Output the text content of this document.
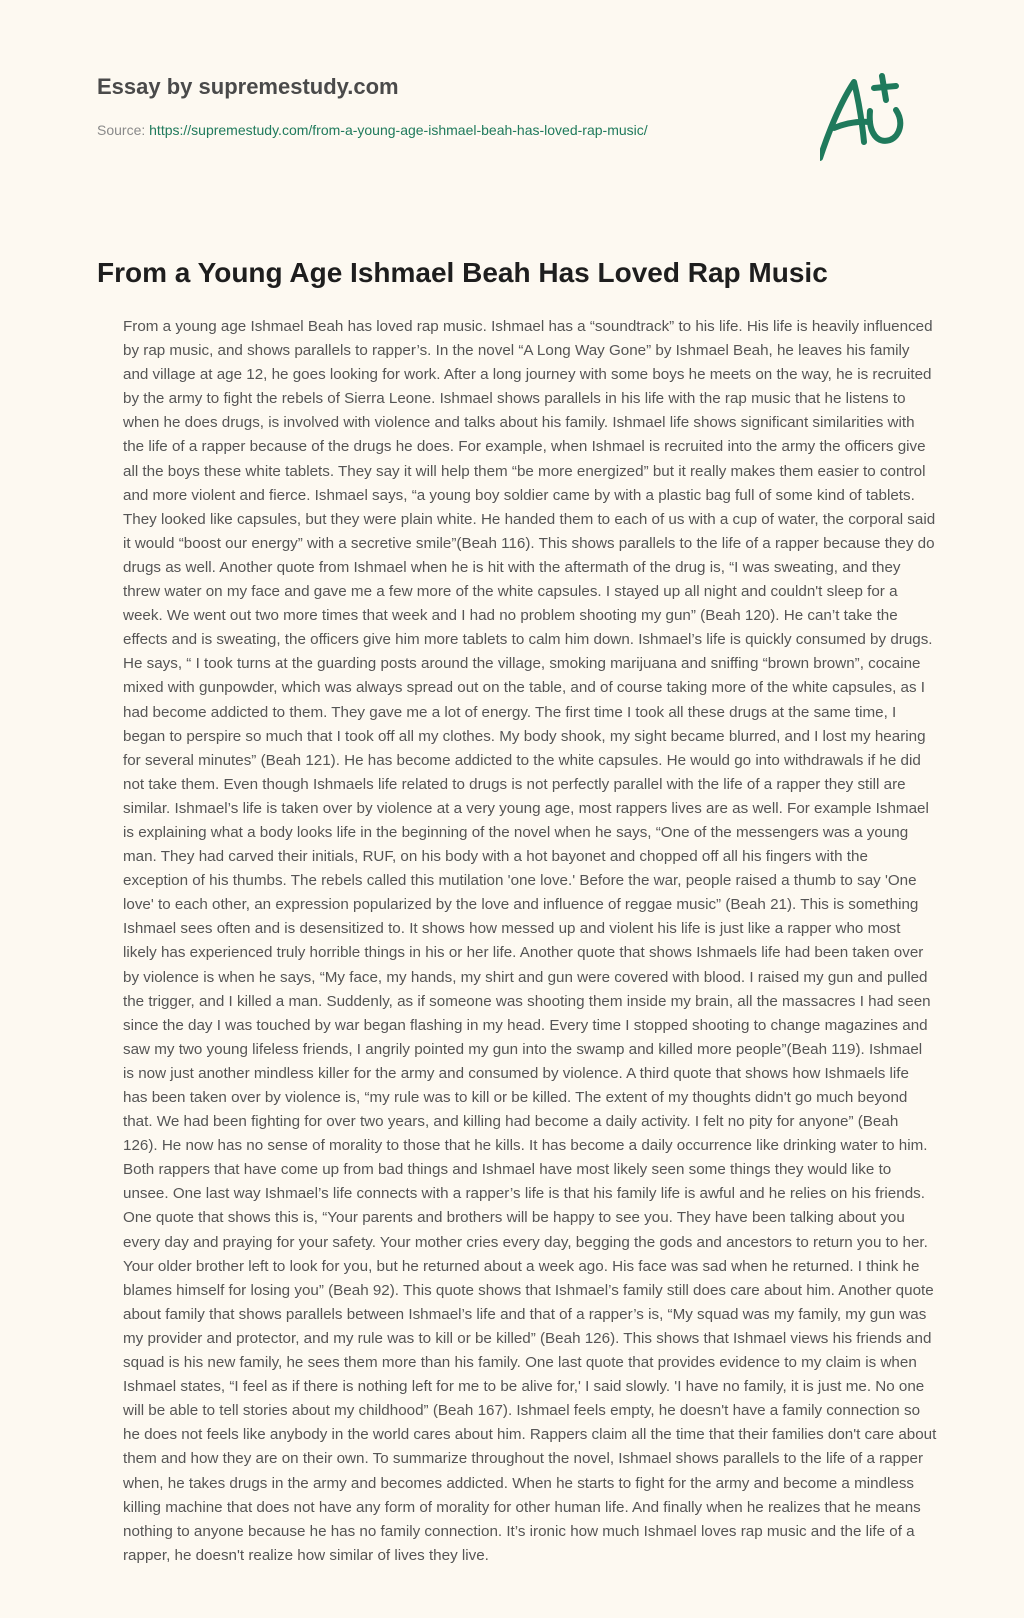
Essay by supremestudy.com
Source: https://supremestudy.com/from-a-young-age-ishmael-beah-has-loved-rap-music/
From a Young Age Ishmael Beah Has Loved Rap Music

From a young age Ishmael Beah has loved rap music. Ishmael has a “soundtrack” to his life. His life is heavily influenced by rap music, and shows parallels to rapper’s. In the novel “A Long Way Gone” by Ishmael Beah, he leaves his family and village at age 12, he goes looking for work. After a long journey with some boys he meets on the way, he is recruited by the army to fight the rebels of Sierra Leone. Ishmael shows parallels in his life with the rap music that he listens to when he does drugs, is involved with violence and talks about his family. Ishmael life shows significant similarities with the life of a rapper because of the drugs he does. For example, when Ishmael is recruited into the army the officers give all the boys these white tablets. They say it will help them “be more energized” but it really makes them easier to control and more violent and fierce. Ishmael says, “a young boy soldier came by with a plastic bag full of some kind of tablets. They looked like capsules, but they were plain white. He handed them to each of us with a cup of water, the corporal said it would “boost our energy” with a secretive smile”(Beah 116). This shows parallels to the life of a rapper because they do drugs as well. Another quote from Ishmael when he is hit with the aftermath of the drug is, “I was sweating, and they threw water on my face and gave me a few more of the white capsules. I stayed up all night and couldn't sleep for a week. We went out two more times that week and I had no problem shooting my gun” (Beah 120). He can’t take the effects and is sweating, the officers give him more tablets to calm him down. Ishmael’s life is quickly consumed by drugs. He says, “ I took turns at the guarding posts around the village, smoking marijuana and sniffing “brown brown”, cocaine mixed with gunpowder, which was always spread out on the table, and of course taking more of the white capsules, as I had become addicted to them. They gave me a lot of energy. The first time I took all these drugs at the same time, I began to perspire so much that I took off all my clothes. My body shook, my sight became blurred, and I lost my hearing for several minutes” (Beah 121). He has become addicted to the white capsules. He would go into withdrawals if he did not take them. Even though Ishmaels life related to drugs is not perfectly parallel with the life of a rapper they still are similar. Ishmael’s life is taken over by violence at a very young age, most rappers lives are as well. For example Ishmael is explaining what a body looks life in the beginning of the novel when he says, “One of the messengers was a young man. They had carved their initials, RUF, on his body with a hot bayonet and chopped off all his fingers with the exception of his thumbs. The rebels called this mutilation 'one love.' Before the war, people raised a thumb to say 'One love' to each other, an expression popularized by the love and influence of reggae music” (Beah 21). This is something Ishmael sees often and is desensitized to. It shows how messed up and violent his life is just like a rapper who most likely has experienced truly horrible things in his or her life. Another quote that shows Ishmaels life had been taken over by violence is when he says, “My face, my hands, my shirt and gun were covered with blood. I raised my gun and pulled the trigger, and I killed a man. Suddenly, as if someone was shooting them inside my brain, all the massacres I had seen since the day I was touched by war began flashing in my head. Every time I stopped shooting to change magazines and saw my two young lifeless friends, I angrily pointed my gun into the swamp and killed more people”(Beah 119). Ishmael is now just another mindless killer for the army and consumed by violence. A third quote that shows how Ishmaels life has been taken over by violence is, “my rule was to kill or be killed. The extent of my thoughts didn't go much beyond that. We had been fighting for over two years, and killing had become a daily activity. I felt no pity for anyone” (Beah 126). He now has no sense of morality to those that he kills. It has become a daily occurrence like drinking water to him. Both rappers that have come up from bad things and Ishmael have most likely seen some things they would like to unsee. One last way Ishmael’s life connects with a rapper’s life is that his family life is awful and he relies on his friends. One quote that shows this is, “Your parents and brothers will be happy to see you. They have been talking about you every day and praying for your safety. Your mother cries every day, begging the gods and ancestors to return you to her. Your older brother left to look for you, but he returned about a week ago. His face was sad when he returned. I think he blames himself for losing you” (Beah 92). This quote shows that Ishmael’s family still does care about him. Another quote about family that shows parallels between Ishmael’s life and that of a rapper’s is, “My squad was my family, my gun was my provider and protector, and my rule was to kill or be killed” (Beah 126). This shows that Ishmael views his friends and squad is his new family, he sees them more than his family. One last quote that provides evidence to my claim is when Ishmael states, “I feel as if there is nothing left for me to be alive for,' I said slowly. 'I have no family, it is just me. No one will be able to tell stories about my childhood” (Beah 167). Ishmael feels empty, he doesn't have a family connection so he does not feels like anybody in the world cares about him. Rappers claim all the time that their families don't care about them and how they are on their own. To summarize throughout the novel, Ishmael shows parallels to the life of a rapper when, he takes drugs in the army and becomes addicted. When he starts to fight for the army and become a mindless killing machine that does not have any form of morality for other human life. And finally when he realizes that he means nothing to anyone because he has no family connection. It’s ironic how much Ishmael loves rap music and the life of a rapper, he doesn't realize how similar of lives they live.
